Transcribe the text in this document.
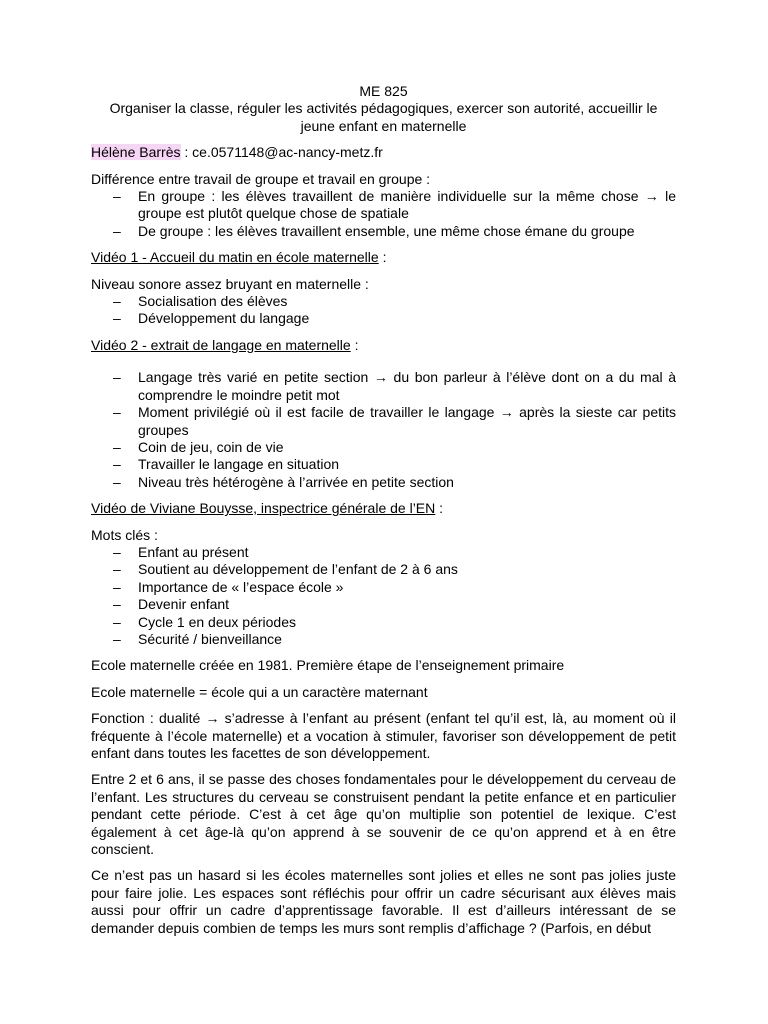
ME 825

Organiser la classe, réguler les activités pédagogiques, exercer son autorité, accueillir le

jeune enfant en maternelle

Hélène Barrès : ce.0571148@ac-nancy-metz.fr

Différence entre travail de groupe et travail en groupe :

– En groupe : les élèves travaillent de manière individuelle sur la même chose → le groupe est plutôt quelque chose de spatiale
– De groupe : les élèves travaillent ensemble, une même chose émane du groupe

Vidéo 1 - Accueil du matin en école maternelle :

Niveau sonore assez bruyant en maternelle :

– Socialisation des élèves
– Développement du langage

Vidéo 2 - extrait de langage en maternelle :

– Langage très varié en petite section → du bon parleur à l’élève dont on a du mal à comprendre le moindre petit mot
– Moment privilégié où il est facile de travailler le langage → après la sieste car petits groupes
– Coin de jeu, coin de vie
– Travailler le langage en situation
– Niveau très hétérogène à l’arrivée en petite section

Vidéo de Viviane Bouysse, inspectrice générale de l’EN :

Mots clés :

– Enfant au présent
– Soutient au développement de l’enfant de 2 à 6 ans
– Importance de « l’espace école »
– Devenir enfant
– Cycle 1 en deux périodes
– Sécurité / bienveillance

Ecole maternelle créée en 1981. Première étape de l’enseignement primaire

Ecole maternelle = école qui a un caractère maternant

Fonction : dualité → s’adresse à l’enfant au présent (enfant tel qu’il est, là, au moment où il fréquente à l’école maternelle) et a vocation à stimuler, favoriser son développement de petit enfant dans toutes les facettes de son développement.

Entre 2 et 6 ans, il se passe des choses fondamentales pour le développement du cerveau de l’enfant. Les structures du cerveau se construisent pendant la petite enfance et en particulier pendant cette période. C’est à cet âge qu’on multiplie son potentiel de lexique. C’est également à cet âge-là qu’on apprend à se souvenir de ce qu’on apprend et à en être conscient.

Ce n’est pas un hasard si les écoles maternelles sont jolies et elles ne sont pas jolies juste pour faire jolie. Les espaces sont réfléchis pour offrir un cadre sécurisant aux élèves mais aussi pour offrir un cadre d’apprentissage favorable. Il est d’ailleurs intéressant de se demander depuis combien de temps les murs sont remplis d’affichage ? (Parfois, en début
